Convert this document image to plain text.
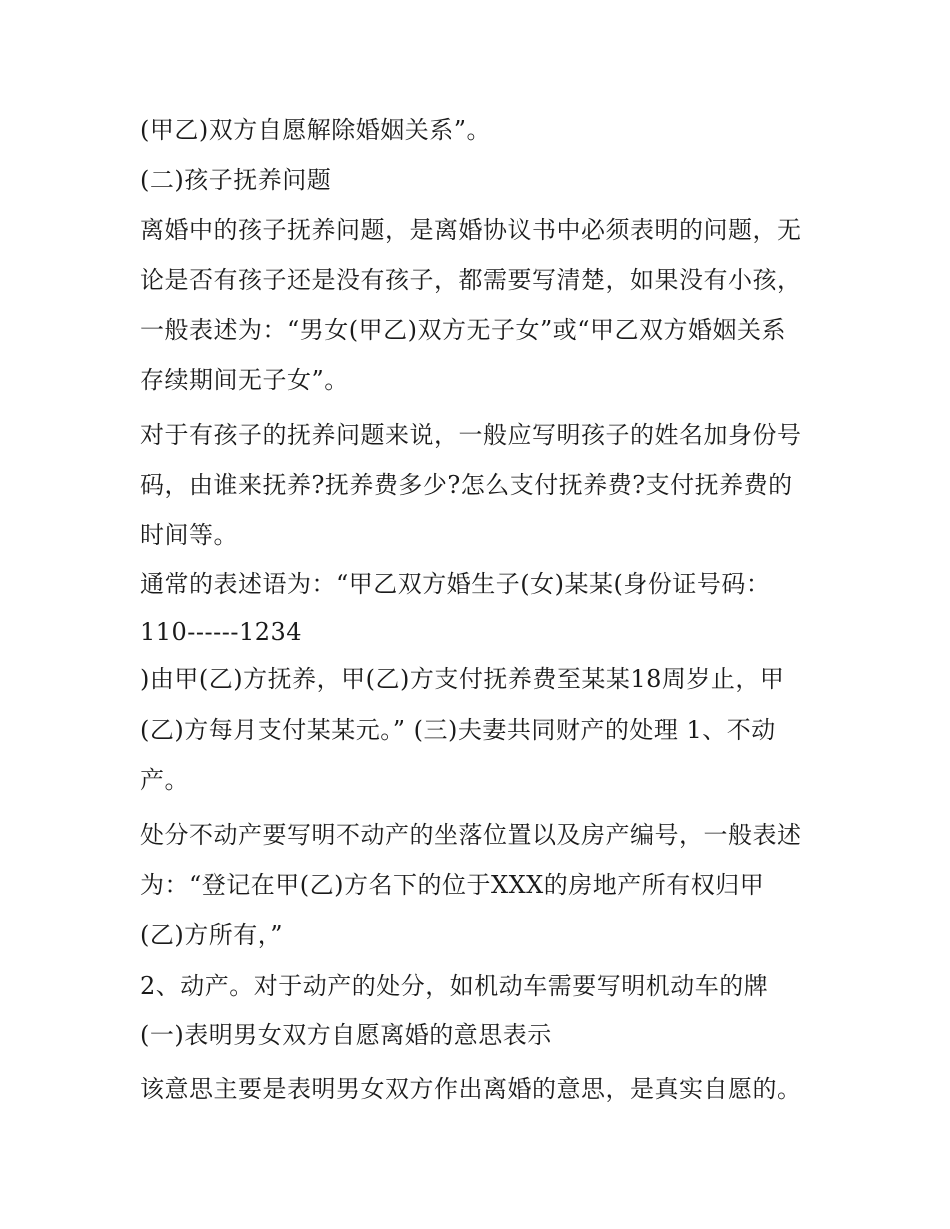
(甲乙)双方自愿解除婚姻关系”。

(二)孩子抚养问题

离婚中的孩子抚养问题，是离婚协议书中必须表明的问题，无

论是否有孩子还是没有孩子，都需要写清楚，如果没有小孩，

一般表述为：“男女(甲乙)双方无子女”或“甲乙双方婚姻关系

存续期间无子女”。

对于有孩子的抚养问题来说，一般应写明孩子的姓名加身份号

码，由谁来抚养?抚养费多少?怎么支付抚养费?支付抚养费的

时间等。

通常的表述语为：“甲乙双方婚生子(女)某某(身份证号码：

110------1234

)由甲(乙)方抚养，甲(乙)方支付抚养费至某某18周岁止，甲

(乙)方每月支付某某元。” (三)夫妻共同财产的处理 1、不动

产。

处分不动产要写明不动产的坐落位置以及房产编号，一般表述

为：“登记在甲(乙)方名下的位于XXX的房地产所有权归甲

(乙)方所有，”

2、动产。对于动产的处分，如机动车需要写明机动车的牌

(一)表明男女双方自愿离婚的意思表示

该意思主要是表明男女双方作出离婚的意思，是真实自愿的。
